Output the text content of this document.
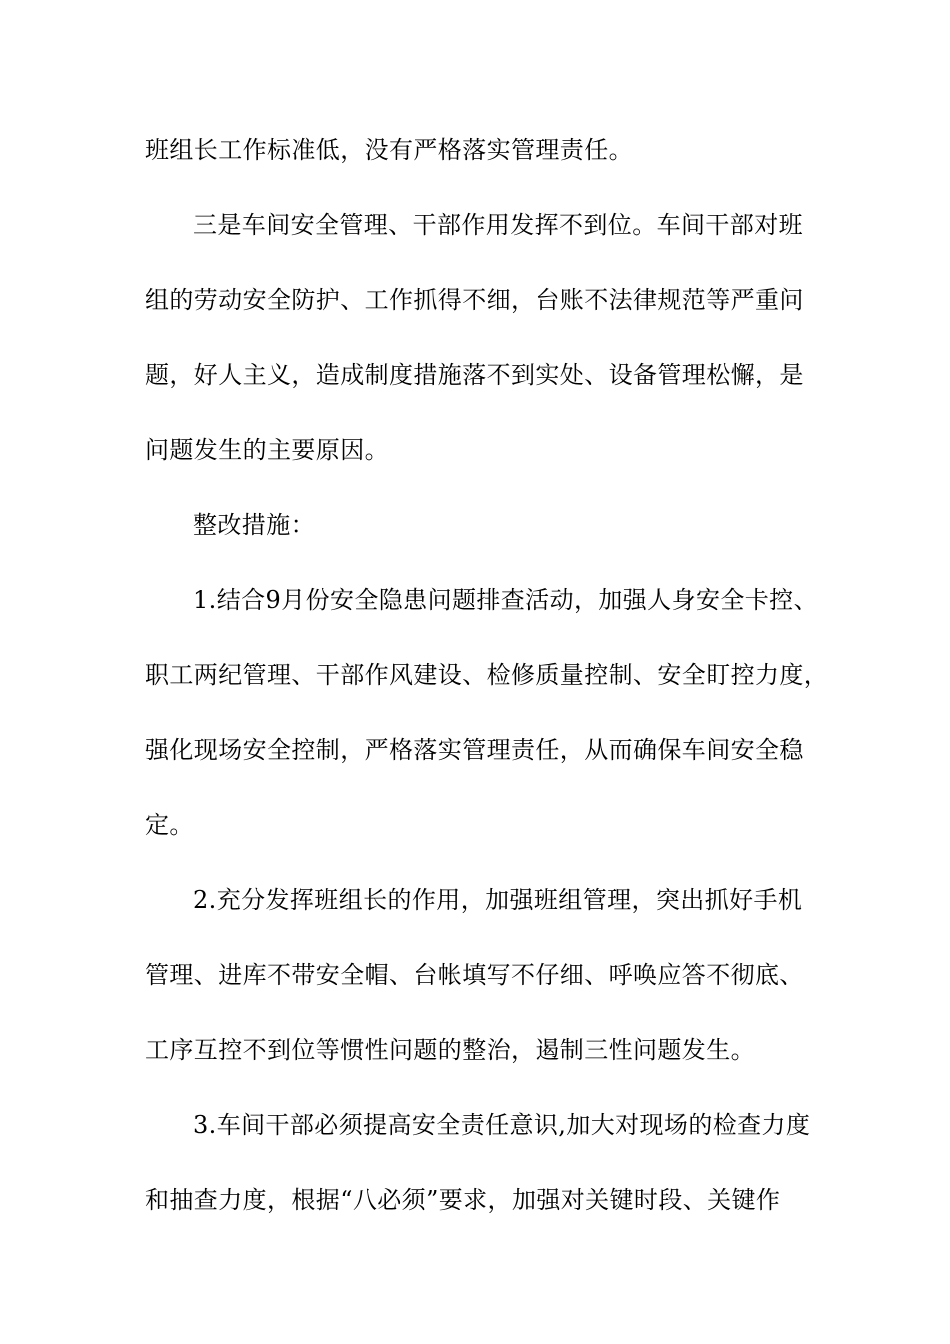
班组长工作标准低，没有严格落实管理责任。

三是车间安全管理、干部作用发挥不到位。车间干部对班

组的劳动安全防护、工作抓得不细，台账不法律规范等严重问

题，好人主义，造成制度措施落不到实处、设备管理松懈，是

问题发生的主要原因。

整改措施：

1.结合9月份安全隐患问题排查活动，加强人身安全卡控、

职工两纪管理、干部作风建设、检修质量控制、安全盯控力度，

强化现场安全控制，严格落实管理责任，从而确保车间安全稳

定。

2.充分发挥班组长的作用，加强班组管理，突出抓好手机

管理、进库不带安全帽、台帐填写不仔细、呼唤应答不彻底、

工序互控不到位等惯性问题的整治，遏制三性问题发生。

3.车间干部必须提高安全责任意识,加大对现场的检查力度

和抽查力度，根据“八必须”要求，加强对关键时段、关键作
